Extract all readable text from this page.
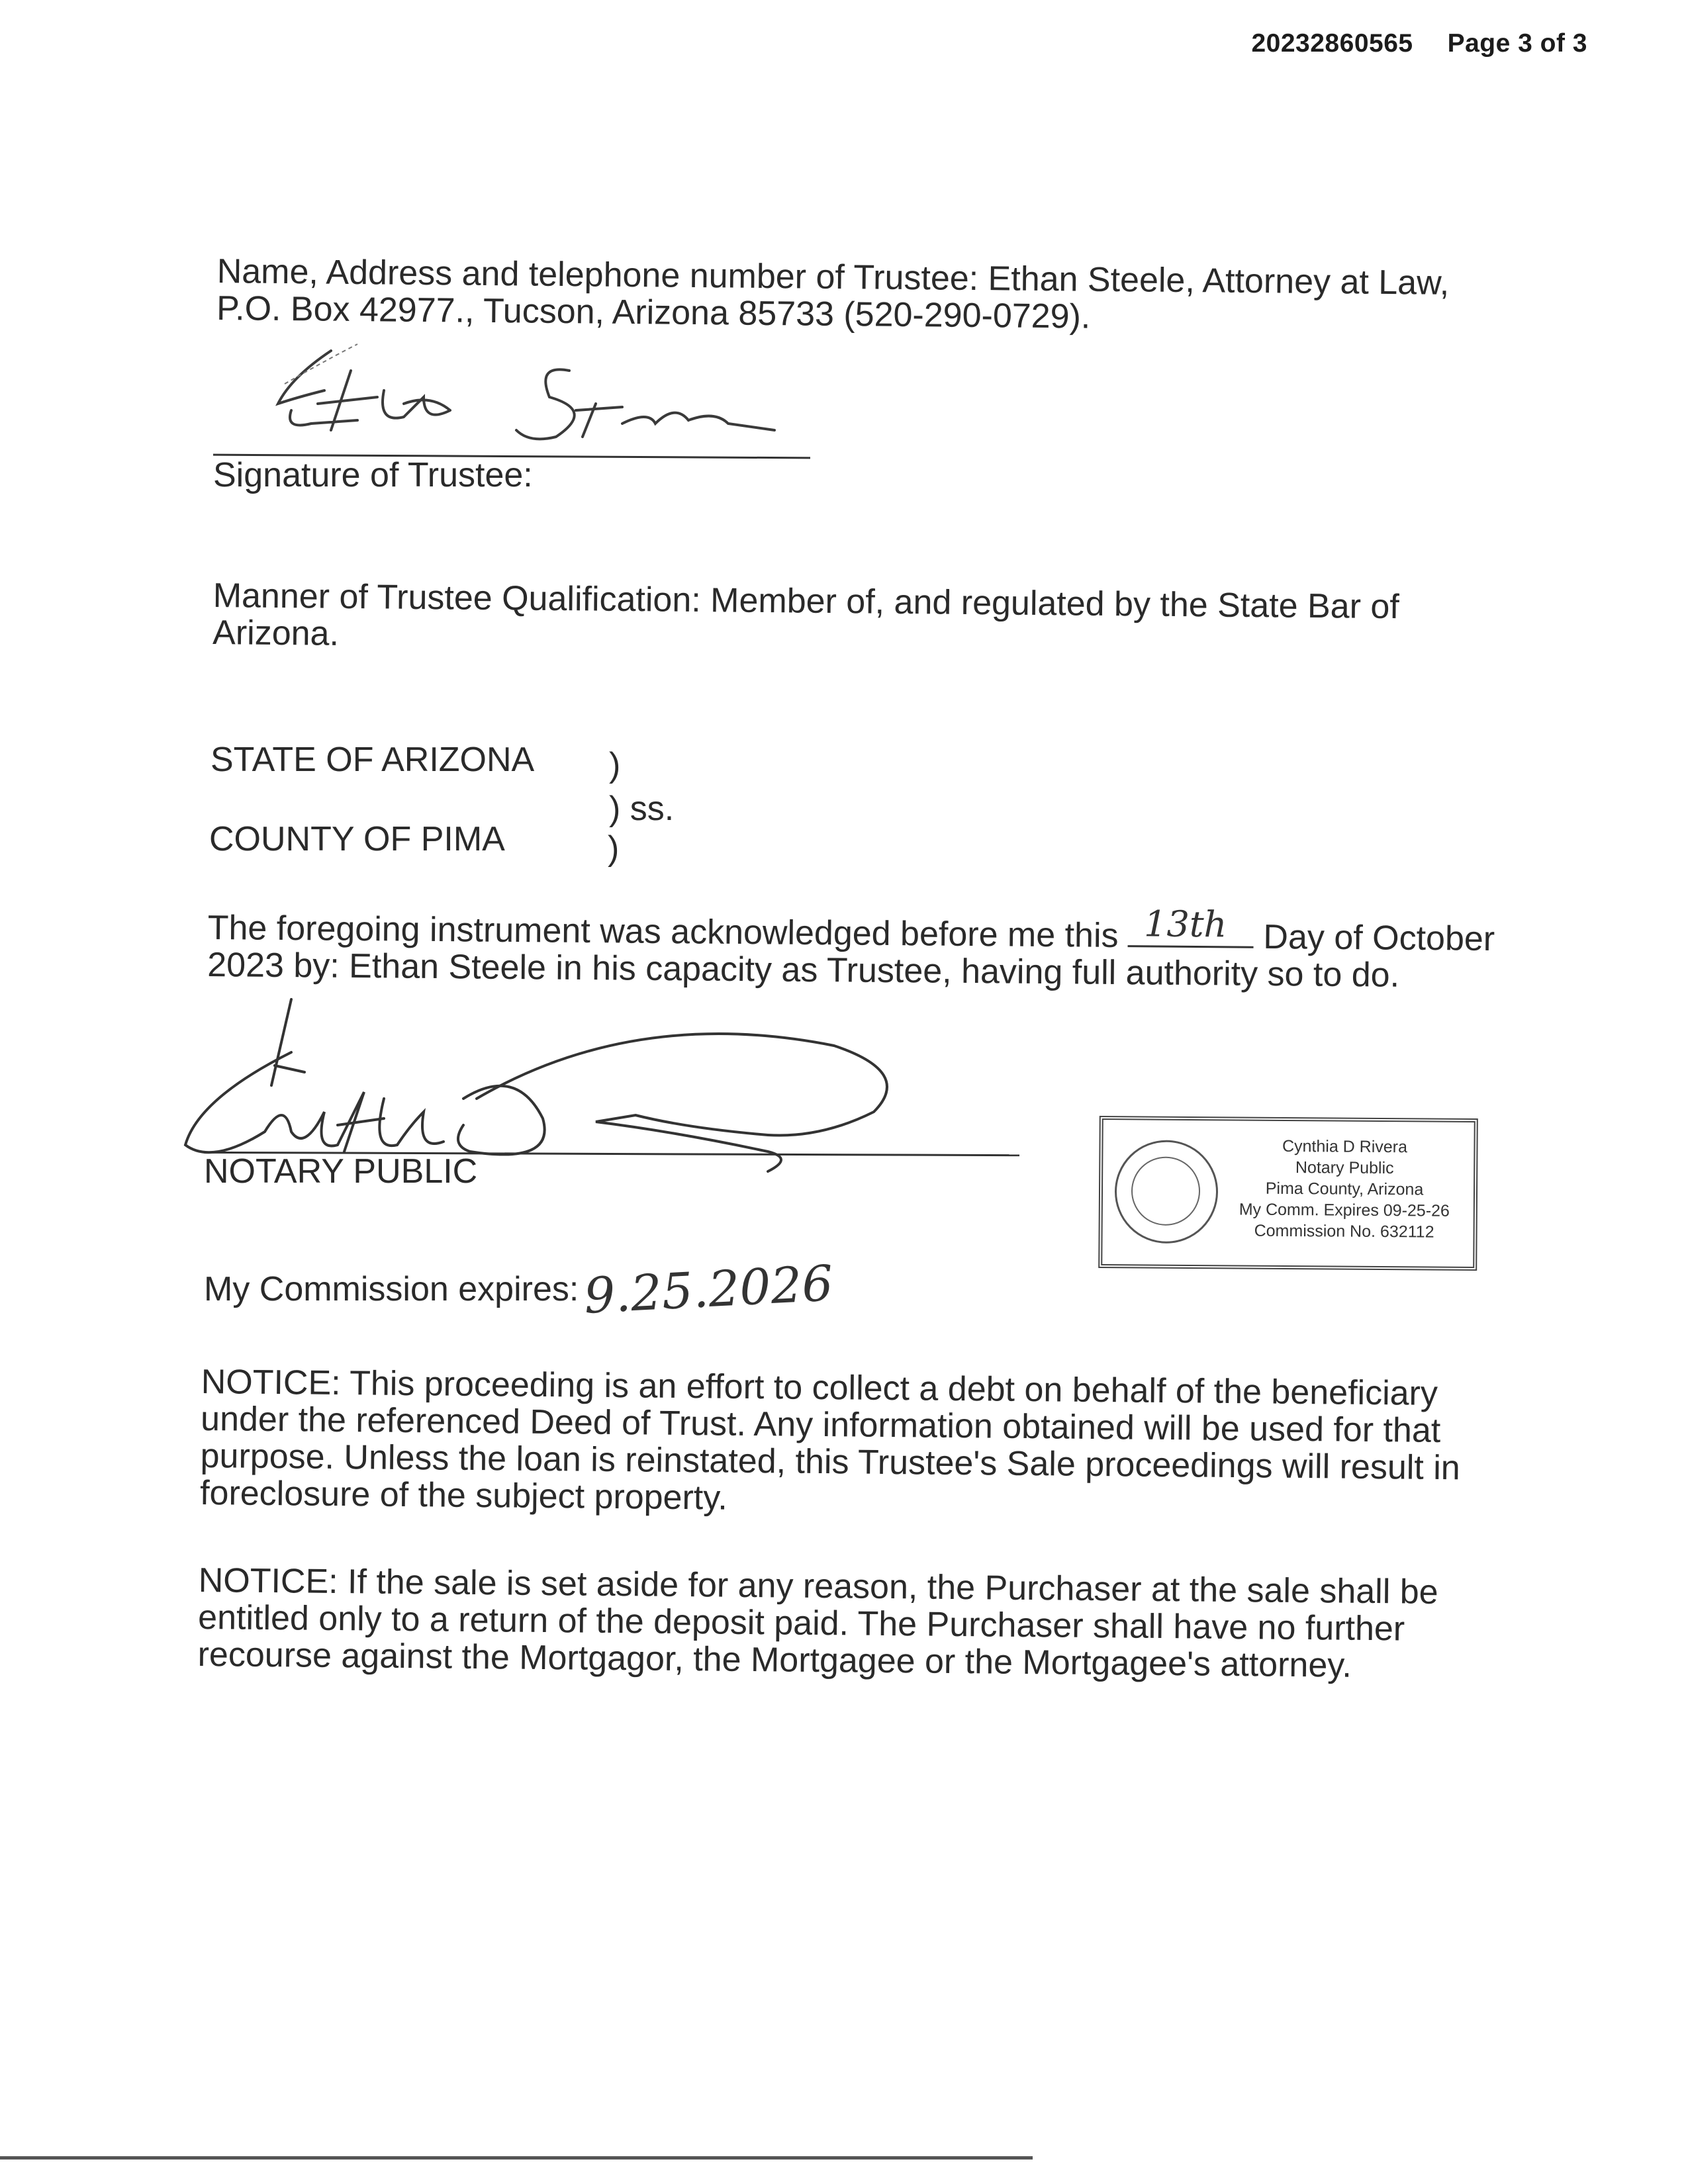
20232860565 Page 3 of 3
Name, Address and telephone number of Trustee: Ethan Steele, Attorney at Law, P.O. Box 42977., Tucson, Arizona 85733 (520-290-0729).
Signature of Trustee:
Manner of Trustee Qualification: Member of, and regulated by the State Bar of Arizona.
STATE OF ARIZONA )
) ss.
COUNTY OF PIMA	)
The foregoing instrument was acknowledged before me this 13th Day of October 2023 by: Ethan Steele in his capacity as Trustee, having full authority so to do.
NOTARY PUBLIC
Cynthia D Rivera
Notary Public
Pima County, Arizona
My Comm. Expires 09-25-26
Commission No. 632112
My Commission expires: 9.25.2026
NOTICE: This proceeding is an effort to collect a debt on behalf of the beneficiary under the referenced Deed of Trust. Any information obtained will be used for that purpose. Unless the loan is reinstated, this Trustee's Sale proceedings will result in foreclosure of the subject property.
NOTICE: If the sale is set aside for any reason, the Purchaser at the sale shall be entitled only to a return of the deposit paid. The Purchaser shall have no further recourse against the Mortgagor, the Mortgagee or the Mortgagee's attorney.
